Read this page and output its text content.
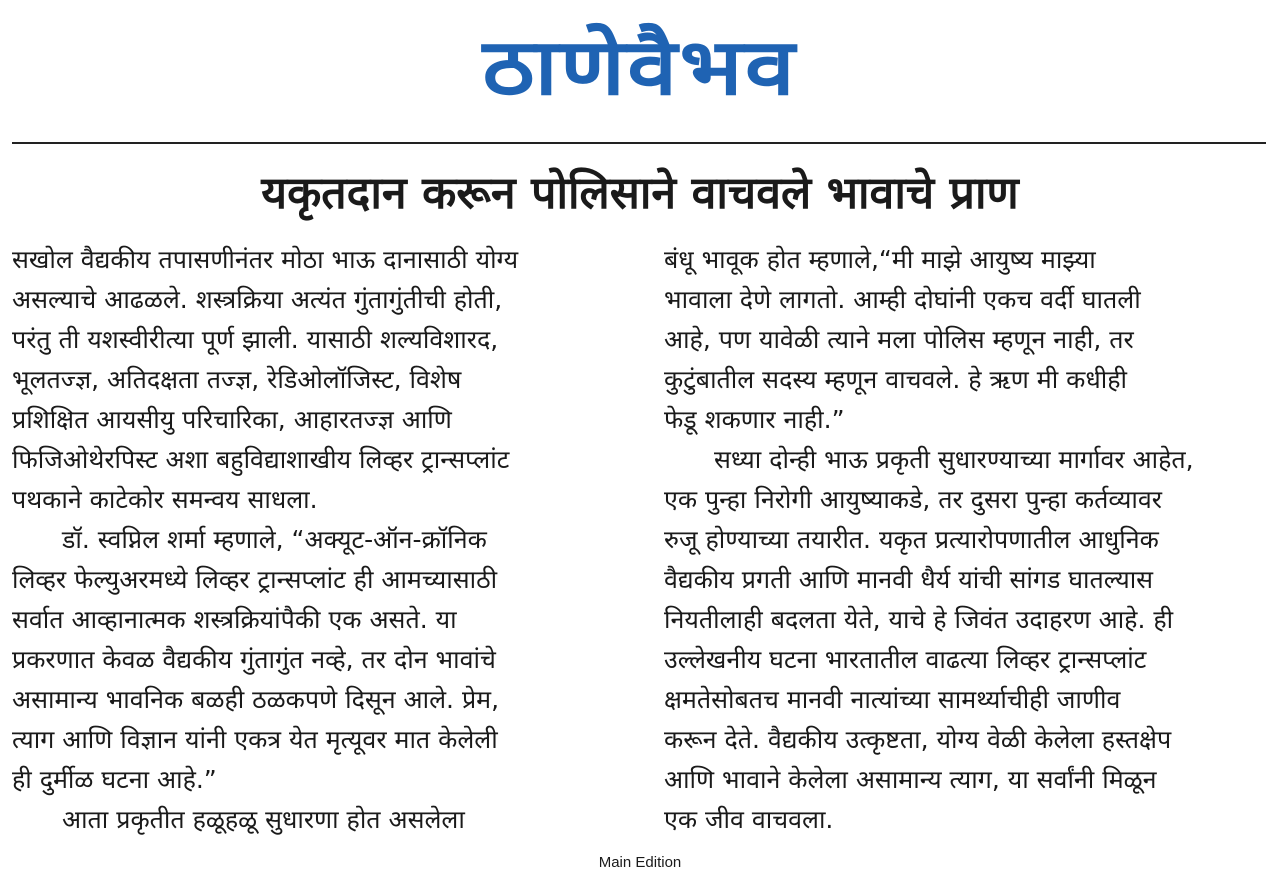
ठाणेवैभव
यकृतदान करून पोलिसाने वाचवले भावाचे प्राण
सखोल वैद्यकीय तपासणीनंतर मोठा भाऊ दानासाठी योग्य
असल्याचे आढळले. शस्त्रक्रिया अत्यंत गुंतागुंतीची होती,
परंतु ती यशस्वीरीत्या पूर्ण झाली. यासाठी शल्यविशारद,
भूलतज्ज्ञ, अतिदक्षता तज्ज्ञ, रेडिओलॉजिस्ट, विशेष
प्रशिक्षित आयसीयु परिचारिका, आहारतज्ज्ञ आणि
फिजिओथेरपिस्ट अशा बहुविद्याशाखीय लिव्हर ट्रान्सप्लांट
पथकाने काटेकोर समन्वय साधला.
डॉ. स्वप्निल शर्मा म्हणाले, “अक्यूट-ऑन-क्रॉनिक
लिव्हर फेल्युअरमध्ये लिव्हर ट्रान्सप्लांट ही आमच्यासाठी
सर्वात आव्हानात्मक शस्त्रक्रियांपैकी एक असते. या
प्रकरणात केवळ वैद्यकीय गुंतागुंत नव्हे, तर दोन भावांचे
असामान्य भावनिक बळही ठळकपणे दिसून आले. प्रेम,
त्याग आणि विज्ञान यांनी एकत्र येत मृत्यूवर मात केलेली
ही दुर्मीळ घटना आहे.”
आता प्रकृतीत हळूहळू सुधारणा होत असलेला
बंधू भावूक होत म्हणाले,“मी माझे आयुष्य माझ्या
भावाला देणे लागतो. आम्ही दोघांनी एकच वर्दी घातली
आहे, पण यावेळी त्याने मला पोलिस म्हणून नाही, तर
कुटुंबातील सदस्य म्हणून वाचवले. हे ऋण मी कधीही
फेडू शकणार नाही.”
सध्या दोन्ही भाऊ प्रकृती सुधारण्याच्या मार्गावर आहेत,
एक पुन्हा निरोगी आयुष्याकडे, तर दुसरा पुन्हा कर्तव्यावर
रुजू होण्याच्या तयारीत. यकृत प्रत्यारोपणातील आधुनिक
वैद्यकीय प्रगती आणि मानवी धैर्य यांची सांगड घातल्यास
नियतीलाही बदलता येते, याचे हे जिवंत उदाहरण आहे. ही
उल्लेखनीय घटना भारतातील वाढत्या लिव्हर ट्रान्सप्लांट
क्षमतेसोबतच मानवी नात्यांच्या सामर्थ्याचीही जाणीव
करून देते. वैद्यकीय उत्कृष्टता, योग्य वेळी केलेला हस्तक्षेप
आणि भावाने केलेला असामान्य त्याग, या सर्वांनी मिळून
एक जीव वाचवला.
Main Edition
